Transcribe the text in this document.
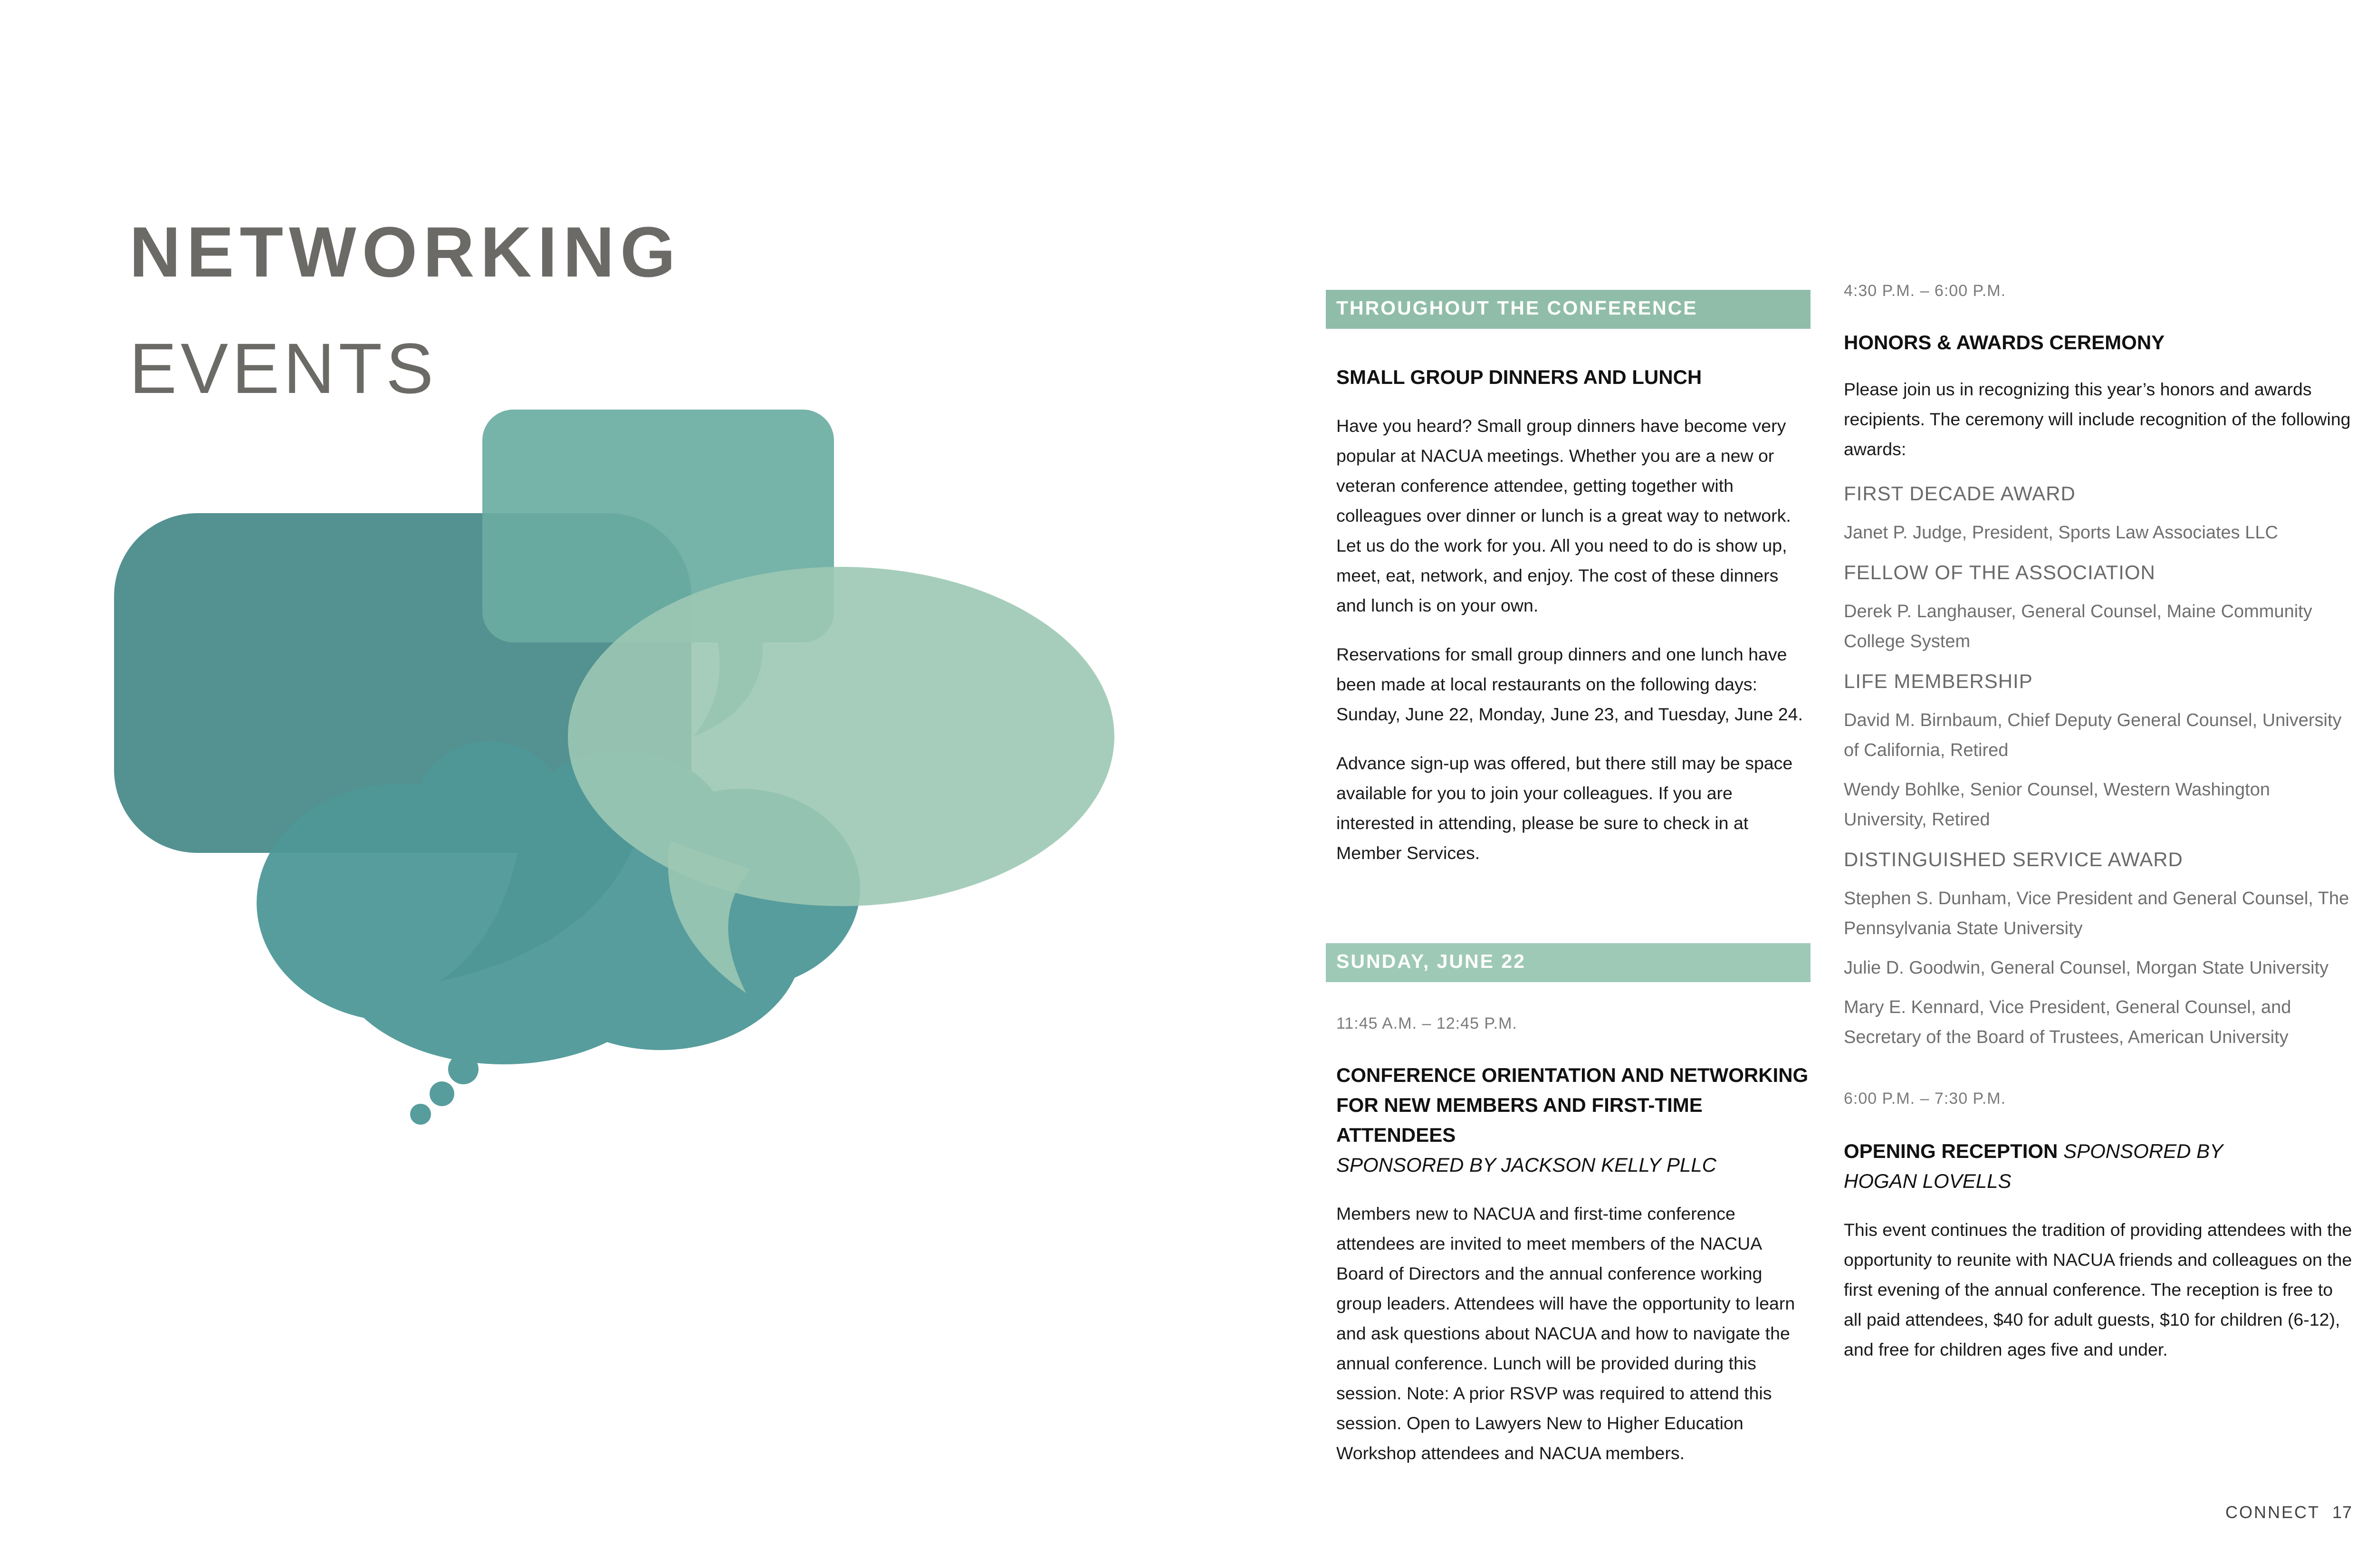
NETWORKING
EVENTS
THROUGHOUT THE CONFERENCE
SMALL GROUP DINNERS AND LUNCH

Have you heard? Small group dinners have become very popular at NACUA meetings. Whether you are a new or veteran conference attendee, getting together with colleagues over dinner or lunch is a great way to network. Let us do the work for you. All you need to do is show up, meet, eat, network, and enjoy. The cost of these dinners and lunch is on your own.

Reservations for small group dinners and one lunch have been made at local restaurants on the following days: Sunday, June 22, Monday, June 23, and Tuesday, June 24.

Advance sign-up was offered, but there still may be space available for you to join your colleagues. If you are interested in attending, please be sure to check in at Member Services.

SUNDAY, JUNE 22
11:45 A.M. – 12:45 P.M.
CONFERENCE ORIENTATION AND NETWORKING
FOR NEW MEMBERS AND FIRST-TIME ATTENDEES
SPONSORED BY JACKSON KELLY PLLC

Members new to NACUA and first-time conference attendees are invited to meet members of the NACUA Board of Directors and the annual conference working group leaders. Attendees will have the opportunity to learn and ask questions about NACUA and how to navigate the annual conference. Lunch will be provided during this session. Note: A prior RSVP was required to attend this session. Open to Lawyers New to Higher Education Workshop attendees and NACUA members.

4:30 P.M. – 6:00 P.M.
HONORS & AWARDS CEREMONY

Please join us in recognizing this year’s honors and awards recipients. The ceremony will include recognition of the following awards:

FIRST DECADE AWARD
Janet P. Judge, President, Sports Law Associates LLC
FELLOW OF THE ASSOCIATION
Derek P. Langhauser, General Counsel, Maine Community College System
LIFE MEMBERSHIP
David M. Birnbaum, Chief Deputy General Counsel, University of California, Retired
Wendy Bohlke, Senior Counsel, Western Washington University, Retired
DISTINGUISHED SERVICE AWARD
Stephen S. Dunham, Vice President and General Counsel, The Pennsylvania State University
Julie D. Goodwin, General Counsel, Morgan State University
Mary E. Kennard, Vice President, General Counsel, and Secretary of the Board of Trustees, American University
6:00 P.M. – 7:30 P.M.
OPENING RECEPTION SPONSORED BY
HOGAN LOVELLS

This event continues the tradition of providing attendees with the opportunity to reunite with NACUA friends and colleagues on the first evening of the annual conference. The reception is free to all paid attendees, $40 for adult guests, $10 for children (6-12), and free for children ages five and under.

CONNECT 17
